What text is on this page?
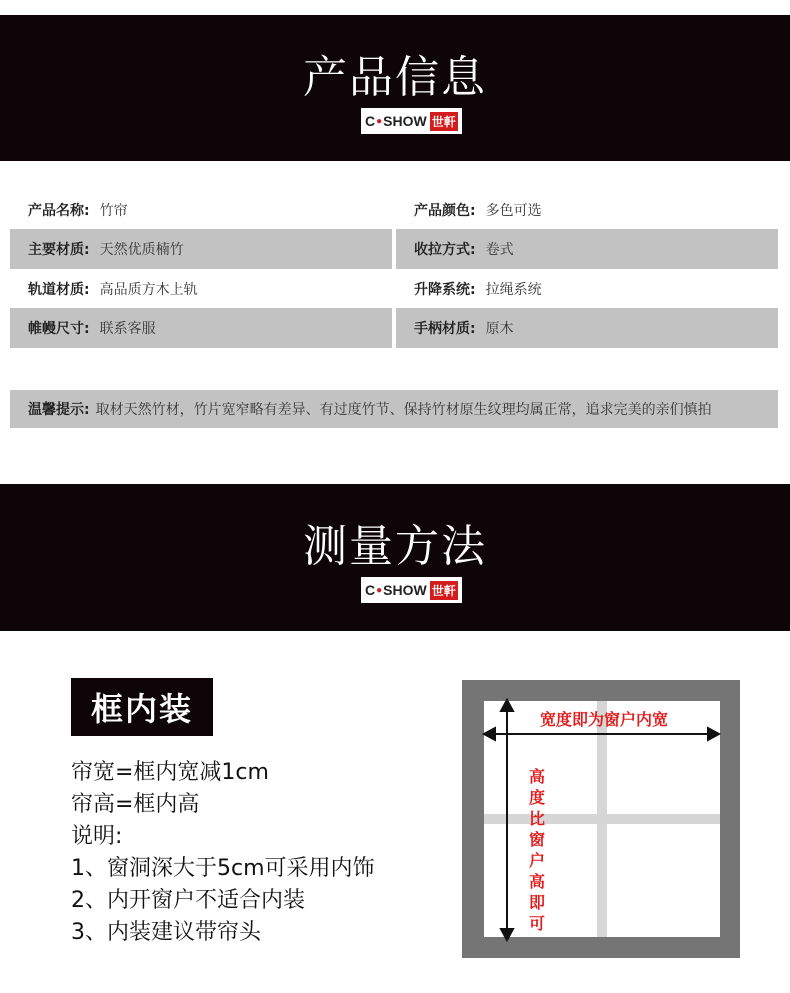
产品信息
C ● SHOW 世軒
产品名称: 竹帘	产品颜色: 多色可选
主要材质: 天然优质楠竹	收拉方式: 卷式
轨道材质: 高品质方木上轨	升降系统: 拉绳系统
帷幔尺寸: 联系客服	手柄材质: 原木
温馨提示: 取材天然竹材，竹片宽窄略有差异、有过度竹节、保持竹材原生纹理均属正常，追求完美的亲们慎拍
测量方法
C ● SHOW 世軒
框内装
帘宽=框内宽减1cm
帘高=框内高
说明:
1、窗洞深大于5cm可采用内饰
2、内开窗户不适合内装
3、内装建议带帘头
宽度即为窗户内宽
高度比窗户高即可
